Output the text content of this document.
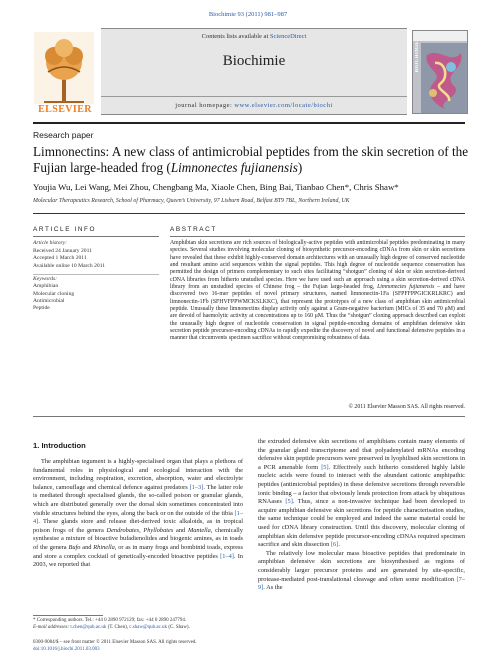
Biochimie 93 (2011) 981–987
ELSEVIER
Contents lists available at ScienceDirect
Biochimie
journal homepage: www.elsevier.com/locate/biochi
BIOCHIMIE
Research paper
Limnonectins: A new class of antimicrobial peptides from the skin secretion of the Fujian large-headed frog (Limnonectes fujianensis)
Youjia Wu, Lei Wang, Mei Zhou, Chengbang Ma, Xiaole Chen, Bing Bai, Tianbao Chen*, Chris Shaw*
Molecular Therapeutics Research, School of Pharmacy, Queen’s University, 97 Lisburn Road, Belfast BT9 7BL, Northern Ireland, UK
ARTICLE INFO	ABSTRACT
Article history:
Received 24 January 2011
Accepted 1 March 2011
Available online 10 March 2011
Keywords:
Amphibian
Molecular cloning
Antimicrobial
Peptide

Amphibian skin secretions are rich sources of biologically-active peptides with antimicrobial peptides predominating in many species. Several studies involving molecular cloning of biosynthetic precursor-encoding cDNAs from skin or skin secretions have revealed that these exhibit highly-conserved domain architectures with an unusually high degree of conserved nucleotide and resultant amino acid sequences within the signal peptides. This high degree of nucleotide sequence conservation has permitted the design of primers complementary to such sites facilitating “shotgun” cloning of skin or skin secretion-derived cDNA libraries from hitherto unstudied species. Here we have used such an approach using a skin secretion-derived cDNA library from an unstudied species of Chinese frog – the Fujian large-headed frog, Limnonectes fujianensis – and have discovered two 16-mer peptides of novel primary structures, named limnonectin-1Fa (SFPFFPPGICKRLKRC) and limnonectin-1Fb (SFHVFPPWMCKSLKKC), that represent the prototypes of a new class of amphibian skin antimicrobial peptide. Unusually these limnonectins display activity only against a Gram-negative bacterium (MICs of 35 and 70 μM) and are devoid of haemolytic activity at concentrations up to 160 μM. Thus the “shotgun” cloning approach described can exploit the unusually high degree of nucleotide conservation in signal peptide-encoding domains of amphibian defensive skin secretion peptide precursor-encoding cDNAs to rapidly expedite the discovery of novel and functional defensive peptides in a manner that circumvents specimen sacrifice without compromising robustness of data.

© 2011 Elsevier Masson SAS. All rights reserved.
1. Introduction

The amphibian tegument is a highly-specialised organ that plays a plethora of fundamental roles in physiological and ecological interaction with the environment, including respiration, excretion, absorption, water and electrolyte balance, camouflage and chemical defence against predators [1–3]. The latter role is mediated through specialised glands, the so-called poison or granular glands, which are distributed generally over the dorsal skin sometimes concentrated into visible structures behind the eyes, along the back or on the outside of the tibia [1–4]. These glands store and release diet-derived toxic alkaloids, as in tropical poison frogs of the genera Dendrobates, Phyllobates and Mantella, chemically synthesise a mixture of bioactive bufadienolides and biogenic amines, as in toads of the genera Bufo and Rhinella, or as in many frogs and bombinid toads, express and store a complex cocktail of genetically-encoded bioactive peptides [1–4]. In 2003, we reported that

the extruded defensive skin secretions of amphibians contain many elements of the granular gland transcriptome and that polyadenylated mRNAs encoding defensive skin peptide precursors were preserved in lyophilised skin secretions in a PCR amenable form [5]. Effectively such hitherto considered highly labile nucleic acids were found to interact with the abundant cationic amphipathic peptides (antimicrobial peptides) in these defensive secretions through reversible ionic binding – a factor that obviously lends protection from attack by ubiquitous RNAases [5]. Thus, since a non-invasive technique had been developed to acquire amphibian defensive skin secretions for peptide characterisation studies, the same technique could be employed and indeed the same material could be used for cDNA library construction. Until this discovery, molecular cloning of amphibian skin defensive peptide precursor-encoding cDNAs required specimen sacrifice and skin dissection [6].

The relatively low molecular mass bioactive peptides that predominate in amphibian defensive skin secretions are biosynthesised as regions of considerably larger precursor proteins and are generated by site-specific, protease-mediated post-translational cleavage and often some modification [7–9]. As the

* Corresponding authors. Tel.: +44 0 2890 972129; fax: +44 0 2890 247794.
E-mail addresses: t.chen@qub.ac.uk (T. Chen), c.shaw@qub.ac.uk (C. Shaw).
0300-9084/$ – see front matter © 2011 Elsevier Masson SAS. All rights reserved.
doi:10.1016/j.biochi.2011.03.003
